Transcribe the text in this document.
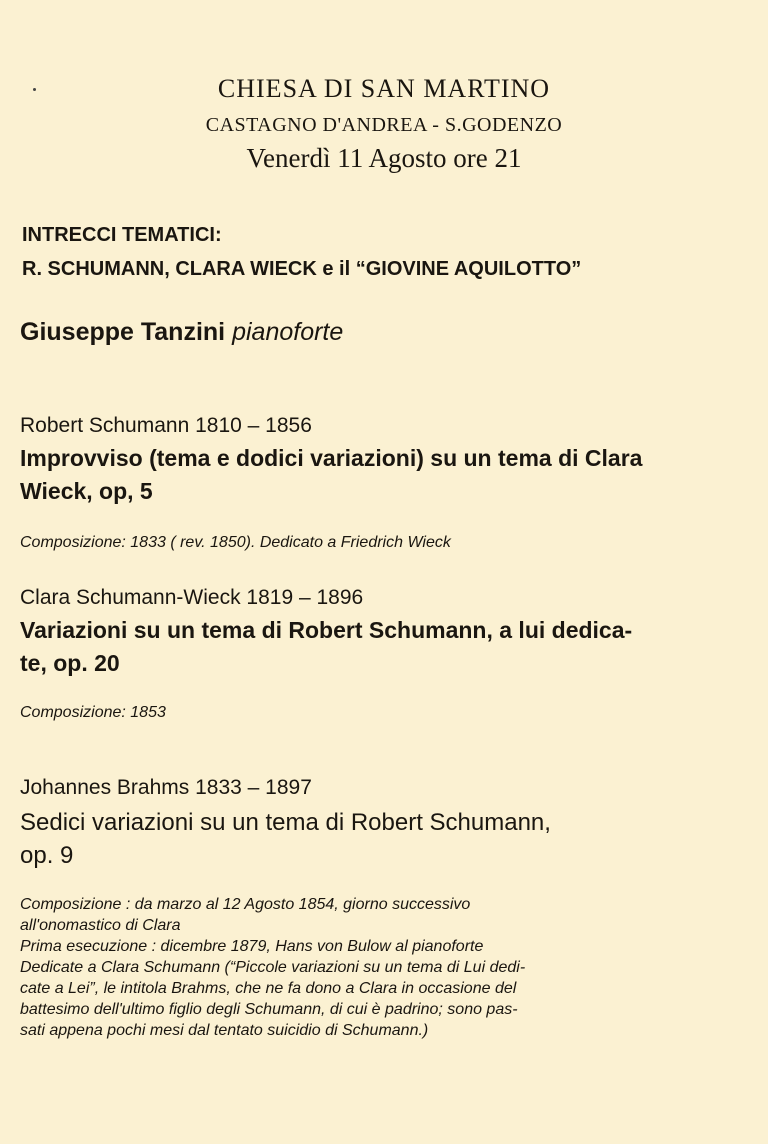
CHIESA DI SAN MARTINO
CASTAGNO D'ANDREA - S.GODENZO
Venerdì 11 Agosto ore 21
INTRECCI TEMATICI:
R. SCHUMANN, CLARA WIECK e il “GIOVINE AQUILOTTO”
Giuseppe Tanzini pianoforte
Robert Schumann 1810 – 1856
Improvviso (tema e dodici variazioni) su un tema di Clara
Wieck, op, 5
Composizione: 1833 ( rev. 1850). Dedicato a Friedrich Wieck
Clara Schumann-Wieck 1819 – 1896
Variazioni su un tema di Robert Schumann, a lui dedica-
te, op. 20
Composizione: 1853
Johannes Brahms 1833 – 1897
Sedici variazioni su un tema di Robert Schumann,
op. 9
Composizione : da marzo al 12 Agosto 1854, giorno successivo
all'onomastico di Clara
Prima esecuzione : dicembre 1879, Hans von Bulow al pianoforte
Dedicate a Clara Schumann (“Piccole variazioni su un tema di Lui dedi-
cate a Lei”, le intitola Brahms, che ne fa dono a Clara in occasione del
battesimo dell'ultimo figlio degli Schumann, di cui è padrino; sono pas-
sati appena pochi mesi dal tentato suicidio di Schumann.)
